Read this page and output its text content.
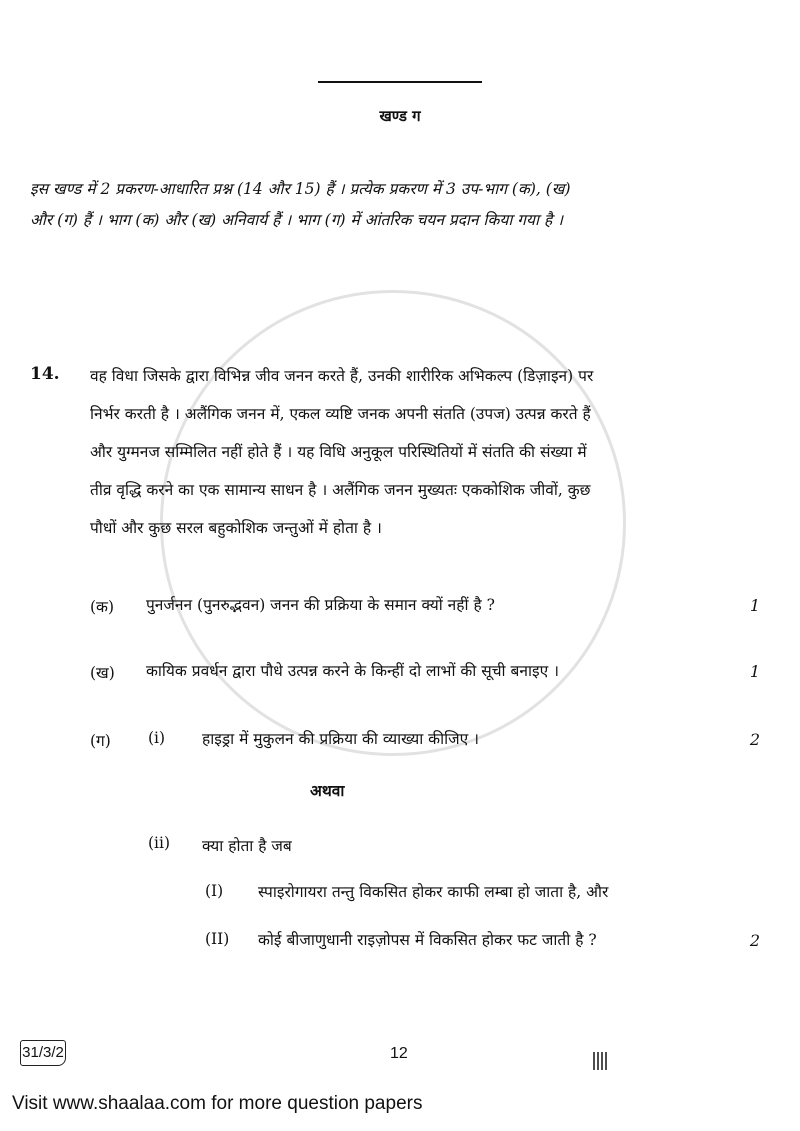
खण्ड ग
इस खण्ड में 2 प्रकरण-आधारित प्रश्न (14 और 15) हैं । प्रत्येक प्रकरण में 3 उप-भाग (क), (ख)
और (ग) हैं । भाग (क) और (ख) अनिवार्य हैं । भाग (ग) में आंतरिक चयन प्रदान किया गया है ।
14. वह विधा जिसके द्वारा विभिन्न जीव जनन करते हैं, उनकी शारीरिक अभिकल्प (डिज़ाइन) पर
निर्भर करती है । अलैंगिक जनन में, एकल व्यष्टि जनक अपनी संतति (उपज) उत्पन्न करते हैं
और युग्मनज सम्मिलित नहीं होते हैं । यह विधि अनुकूल परिस्थितियों में संतति की संख्या में
तीव्र वृद्धि करने का एक सामान्य साधन है । अलैंगिक जनन मुख्यतः एककोशिक जीवों, कुछ
पौधों और कुछ सरल बहुकोशिक जन्तुओं में होता है ।
(क) पुनर्जनन (पुनरुद्भवन) जनन की प्रक्रिया के समान क्यों नहीं है ?	1
(ख) कायिक प्रवर्धन द्वारा पौधे उत्पन्न करने के किन्हीं दो लाभों की सूची बनाइए ।	1
(ग) (i) हाइड्रा में मुकुलन की प्रक्रिया की व्याख्या कीजिए ।	2
अथवा
(ii) क्या होता है जब
(I) स्पाइरोगायरा तन्तु विकसित होकर काफी लम्बा हो जाता है, और
(II) कोई बीजाणुधानी राइज़ोपस में विकसित होकर फट जाती है ?	2
31/3/2	12
Visit www.shaalaa.com for more question papers
